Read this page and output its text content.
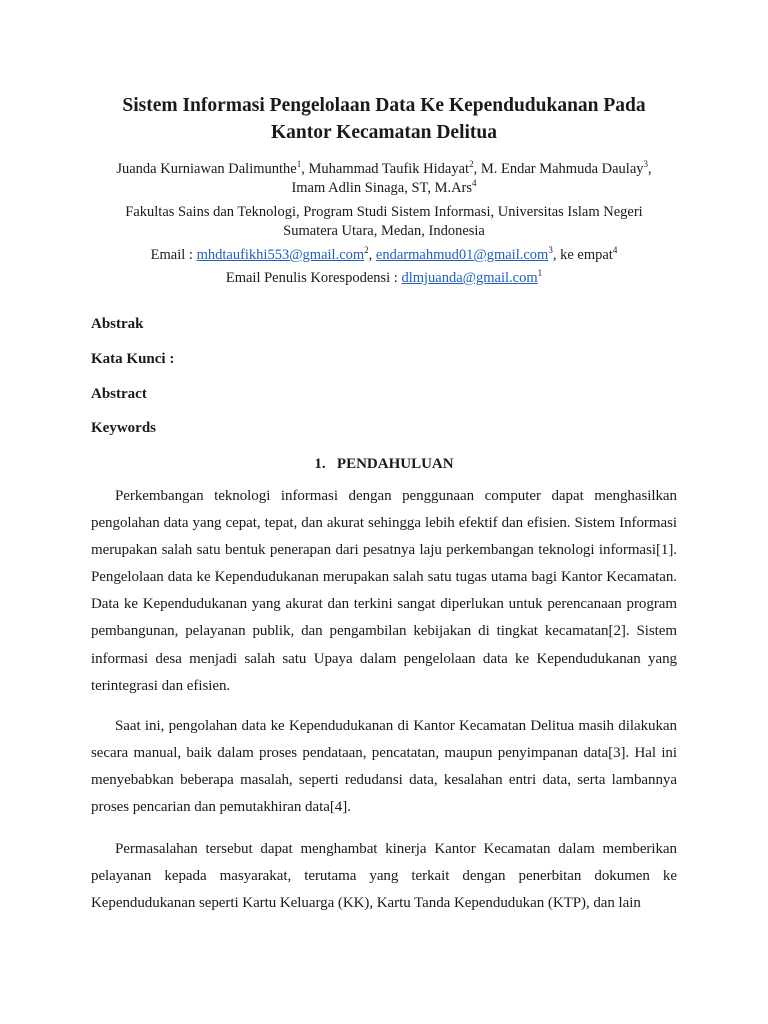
Sistem Informasi Pengelolaan Data Ke Kependudukanan Pada
Kantor Kecamatan Delitua
Juanda Kurniawan Dalimunthe$^1$, Muhammad Taufik Hidayat$^2$, M. Endar Mahmuda Daulay$^3$,
Imam Adlin Sinaga, ST, M.Ars$^4$
Fakultas Sains dan Teknologi, Program Studi Sistem Informasi, Universitas Islam Negeri
Sumatera Utara, Medan, Indonesia
Email : mhdtaufikhi553@gmail.com$^2$, endarmahmud01@gmail.com$^3$, ke empat$^4$
Email Penulis Korespodensi : dlmjuanda@gmail.com$^1$
Abstrak
Kata Kunci :
Abstract
Keywords
1.   PENDAHULUAN

Perkembangan teknologi informasi dengan penggunaan computer dapat menghasilkan pengolahan data yang cepat, tepat, dan akurat sehingga lebih efektif dan efisien. Sistem Informasi merupakan salah satu bentuk penerapan dari pesatnya laju perkembangan teknologi informasi[1]. Pengelolaan data ke Kependudukanan merupakan salah satu tugas utama bagi Kantor Kecamatan. Data ke Kependudukanan yang akurat dan terkini sangat diperlukan untuk perencanaan program pembangunan, pelayanan publik, dan pengambilan kebijakan di tingkat kecamatan[2]. Sistem informasi desa menjadi salah satu Upaya dalam pengelolaan data ke Kependudukanan yang terintegrasi dan efisien.

Saat ini, pengolahan data ke Kependudukanan di Kantor Kecamatan Delitua masih dilakukan secara manual, baik dalam proses pendataan, pencatatan, maupun penyimpanan data[3]. Hal ini menyebabkan beberapa masalah, seperti redudansi data, kesalahan entri data, serta lambannya proses pencarian dan pemutakhiran data[4].

Permasalahan tersebut dapat menghambat kinerja Kantor Kecamatan dalam memberikan pelayanan kepada masyarakat, terutama yang terkait dengan penerbitan dokumen ke Kependudukanan seperti Kartu Keluarga (KK), Kartu Tanda Kependudukan (KTP), dan lain
